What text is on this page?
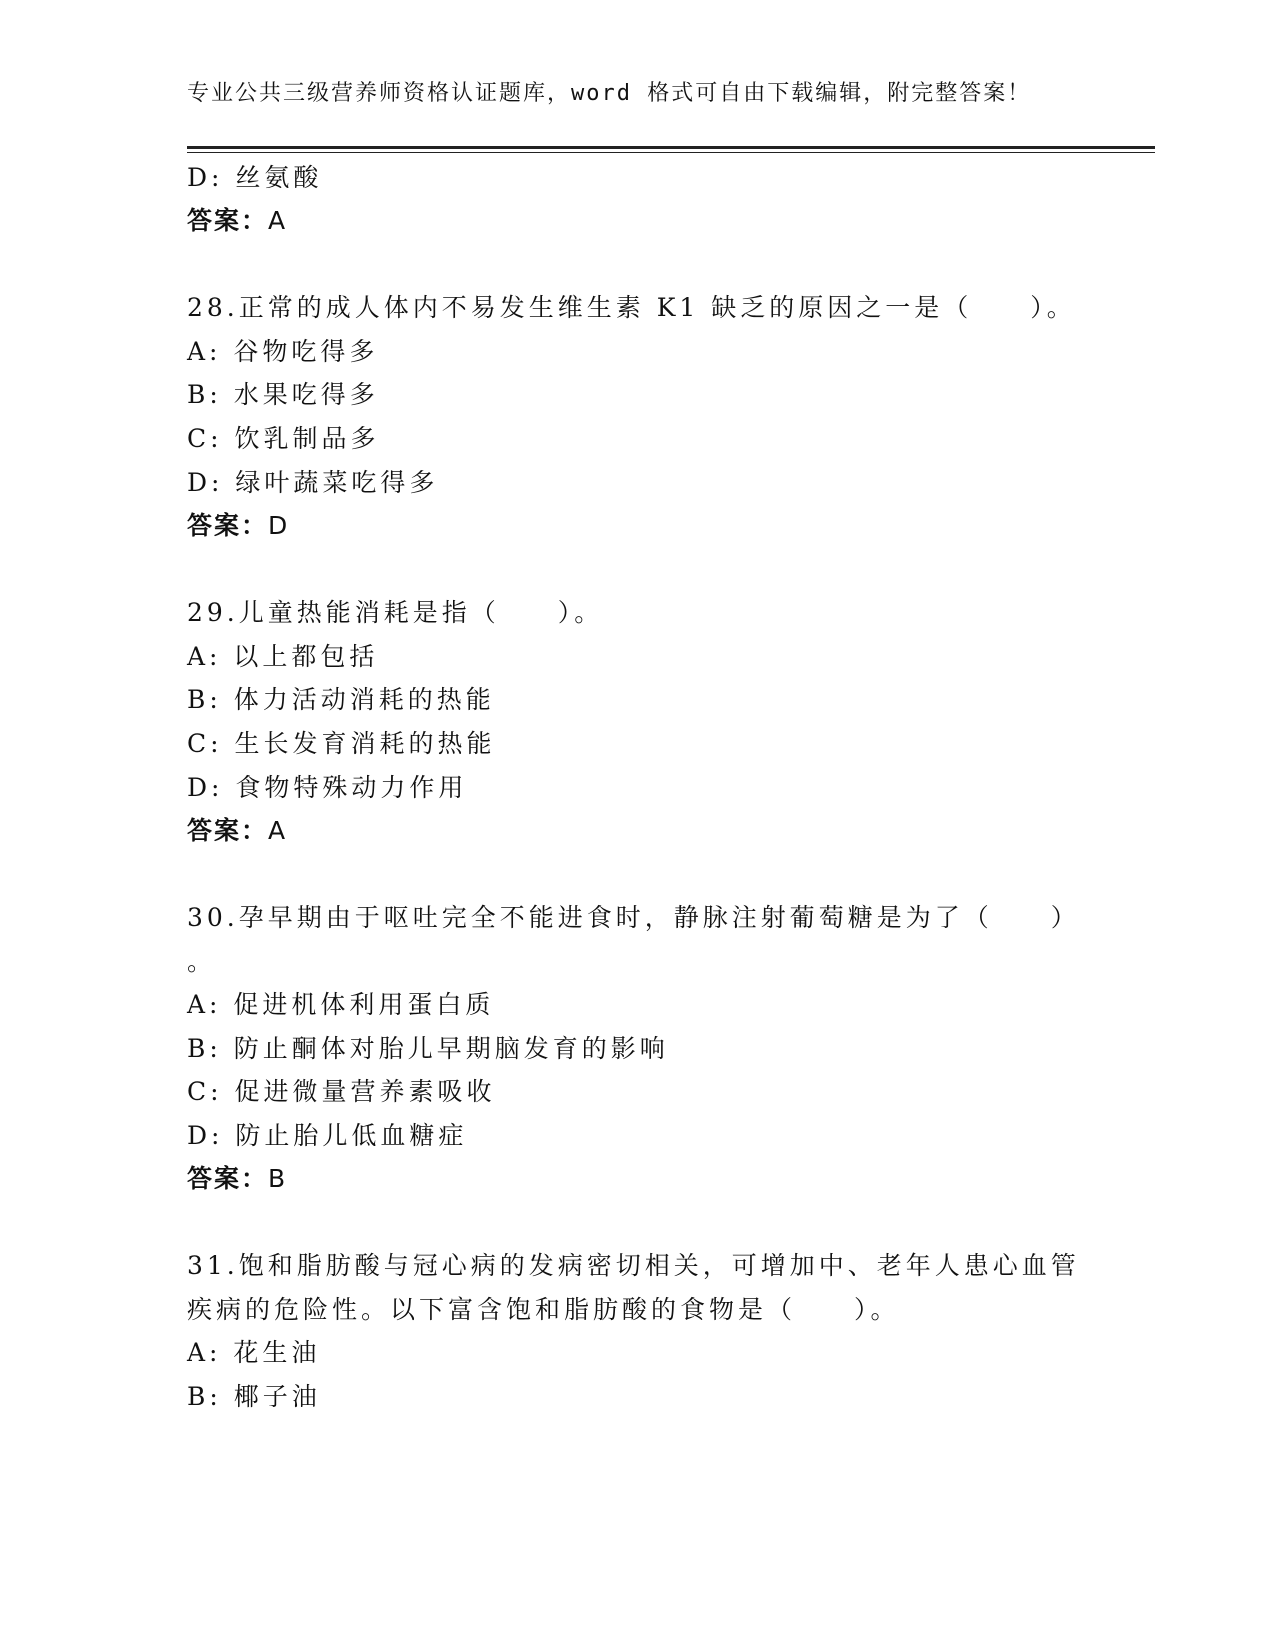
专业公共三级营养师资格认证题库，word 格式可自由下载编辑，附完整答案！
D: 丝氨酸
答案：A
28.正常的成人体内不易发生维生素 K1 缺乏的原因之一是（　　）。
A: 谷物吃得多
B: 水果吃得多
C: 饮乳制品多
D: 绿叶蔬菜吃得多
答案：D
29.儿童热能消耗是指（　　）。
A: 以上都包括
B: 体力活动消耗的热能
C: 生长发育消耗的热能
D: 食物特殊动力作用
答案：A
30.孕早期由于呕吐完全不能进食时，静脉注射葡萄糖是为了（　　）
。
A: 促进机体利用蛋白质
B: 防止酮体对胎儿早期脑发育的影响
C: 促进微量营养素吸收
D: 防止胎儿低血糖症
答案：B
31.饱和脂肪酸与冠心病的发病密切相关，可增加中、老年人患心血管
疾病的危险性。以下富含饱和脂肪酸的食物是（　　）。
A: 花生油
B: 椰子油
